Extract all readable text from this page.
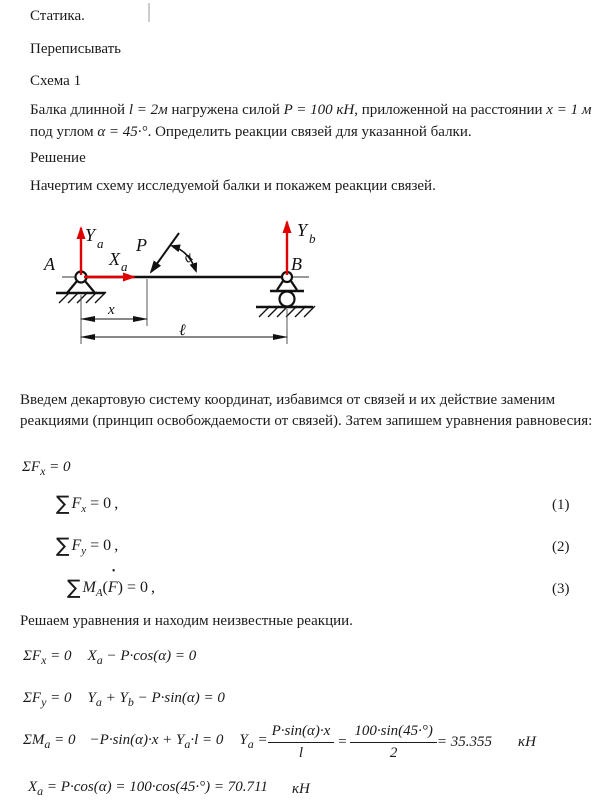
Статика.
Переписывать
Схема 1
Балка длинной l = 2м нагружена силой P = 100 кН, приложенной на расстоянии x = 1 м под углом α = 45·°. Определить реакции связей для указанной балки.
Решение
Начертим схему исследуемой балки и покажем реакции связей.
A	B
P
α
Y a
X a
Y b
x
ℓ
Введем декартовую систему координат, избавимся от связей и их действие заменим реакциями (принцип освобождаемости от связей). Затем запишем уравнения равновесия:
$\Sigma F_x = 0$
∑ $F_x = 0$ ,	(1)
∑ $F_y = 0$ ,	(2)
∑ $M_A$(
•
F) = 0 ,	(3)
Решаем уравнения и находим неизвестные реакции.
$\Sigma F_x = 0$ $X_a - P\cdot\cos(\alpha) = 0$
$\Sigma F_y = 0$ $Y_a + Y_b - P\cdot\sin(\alpha) = 0$
$\Sigma M_a = 0 -P\cdot\sin(\alpha)\cdot x + Y_a\cdot l = 0$ $Y_a = \frac{P\cdot\sin(\alpha)\cdot x}{l} = \frac{100\cdot\sin(45\cdot^\circ)}{2} = 35.355$ кН
$X_a = P\cdot\cos(\alpha) = 100\cdot\cos(45\cdot^\circ) = 70.711$ кН
